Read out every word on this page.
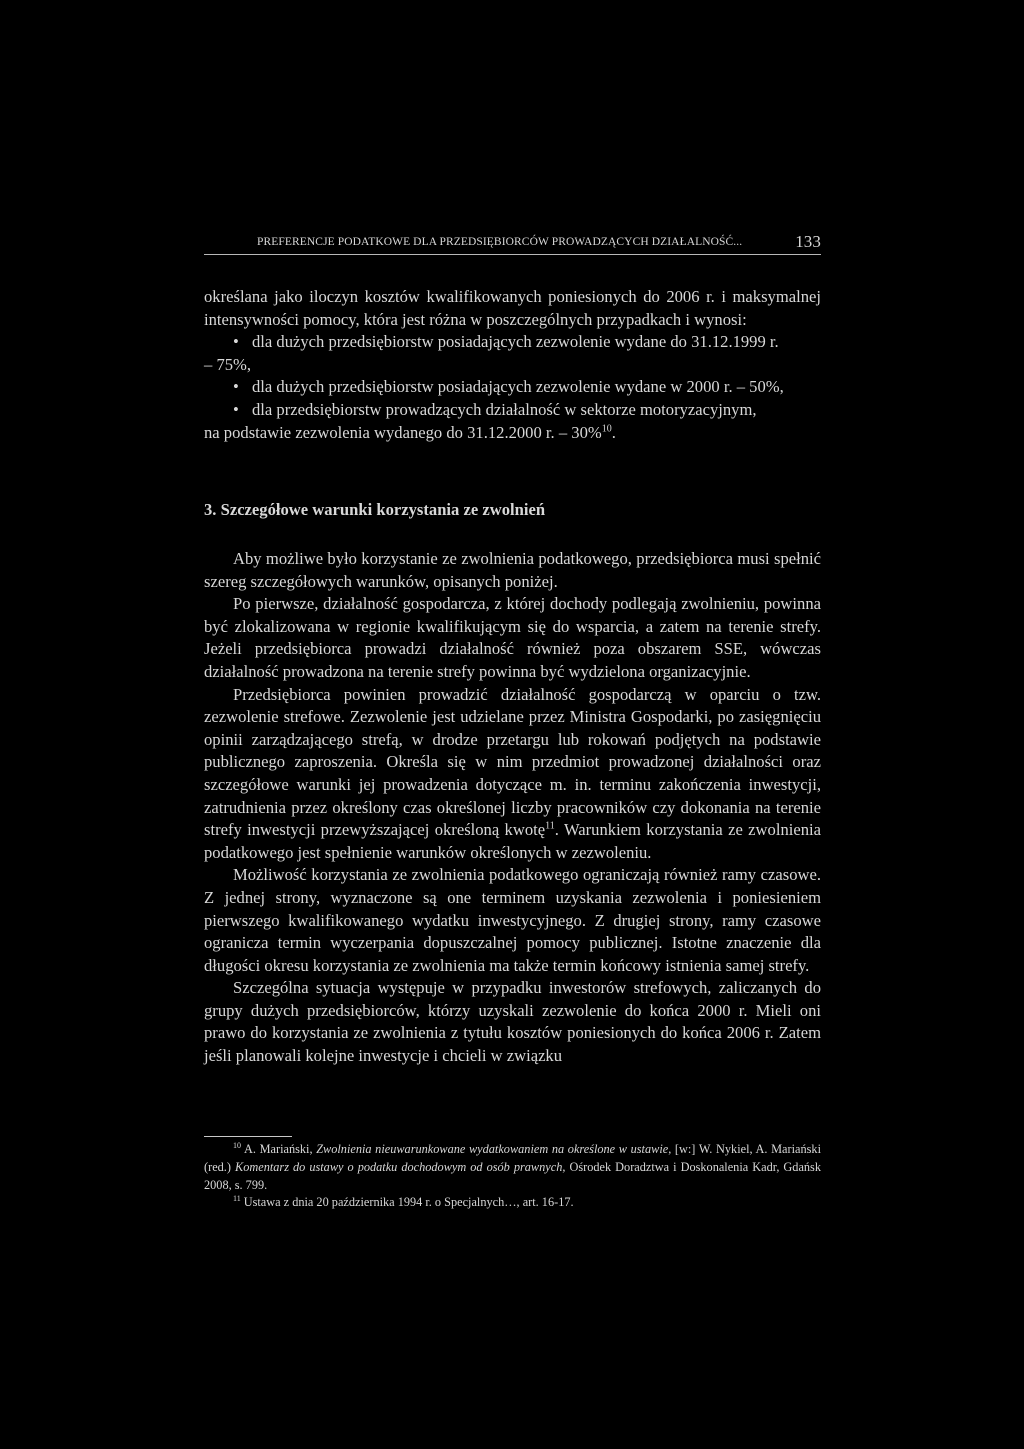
PREFERENCJE PODATKOWE DLA PRZEDSIĘBIORCÓW PROWADZĄCYCH DZIAŁALNOŚĆ...	133

określana jako iloczyn kosztów kwalifikowanych poniesionych do 2006 r. i maksymalnej intensywności pomocy, która jest różna w poszczególnych przypadkach i wynosi:

• dla dużych przedsiębiorstw posiadających zezwolenie wydane do 31.12.1999 r.

– 75%,

• dla dużych przedsiębiorstw posiadających zezwolenie wydane w 2000 r. – 50%,

• dla przedsiębiorstw prowadzących działalność w sektorze motoryzacyjnym,

na podstawie zezwolenia wydanego do 31.12.2000 r. – 30%$^{10}$.

3. Szczegółowe warunki korzystania ze zwolnień

Aby możliwe było korzystanie ze zwolnienia podatkowego, przedsiębiorca musi spełnić szereg szczegółowych warunków, opisanych poniżej.

Po pierwsze, działalność gospodarcza, z której dochody podlegają zwolnieniu, powinna być zlokalizowana w regionie kwalifikującym się do wsparcia, a zatem na terenie strefy. Jeżeli przedsiębiorca prowadzi działalność również poza obszarem SSE, wówczas działalność prowadzona na terenie strefy powinna być wydzielona organizacyjnie.

Przedsiębiorca powinien prowadzić działalność gospodarczą w oparciu o tzw. zezwolenie strefowe. Zezwolenie jest udzielane przez Ministra Gospodarki, po zasięgnięciu opinii zarządzającego strefą, w drodze przetargu lub rokowań podjętych na podstawie publicznego zaproszenia. Określa się w nim przedmiot prowadzonej działalności oraz szczegółowe warunki jej prowadzenia dotyczące m. in. terminu zakończenia inwestycji, zatrudnienia przez określony czas określonej liczby pracowników czy dokonania na terenie strefy inwestycji przewyższającej określoną kwotę$^{11}$. Warunkiem korzystania ze zwolnienia podatkowego jest spełnienie warunków określonych w zezwoleniu.

Możliwość korzystania ze zwolnienia podatkowego ograniczają również ramy czasowe. Z jednej strony, wyznaczone są one terminem uzyskania zezwolenia i poniesieniem pierwszego kwalifikowanego wydatku inwestycyjnego. Z drugiej strony, ramy czasowe ogranicza termin wyczerpania dopuszczalnej pomocy publicznej. Istotne znaczenie dla długości okresu korzystania ze zwolnienia ma także termin końcowy istnienia samej strefy.

Szczególna sytuacja występuje w przypadku inwestorów strefowych, zaliczanych do grupy dużych przedsiębiorców, którzy uzyskali zezwolenie do końca 2000 r. Mieli oni prawo do korzystania ze zwolnienia z tytułu kosztów poniesionych do końca 2006 r. Zatem jeśli planowali kolejne inwestycje i chcieli w związku

$^{10}$ A. Mariański, Zwolnienia nieuwarunkowane wydatkowaniem na określone w ustawie, [w:] W. Nykiel, A. Mariański (red.) Komentarz do ustawy o podatku dochodowym od osób prawnych, Ośrodek Doradztwa i Doskonalenia Kadr, Gdańsk 2008, s. 799.

$^{11}$ Ustawa z dnia 20 października 1994 r. o Specjalnych…, art. 16-17.
